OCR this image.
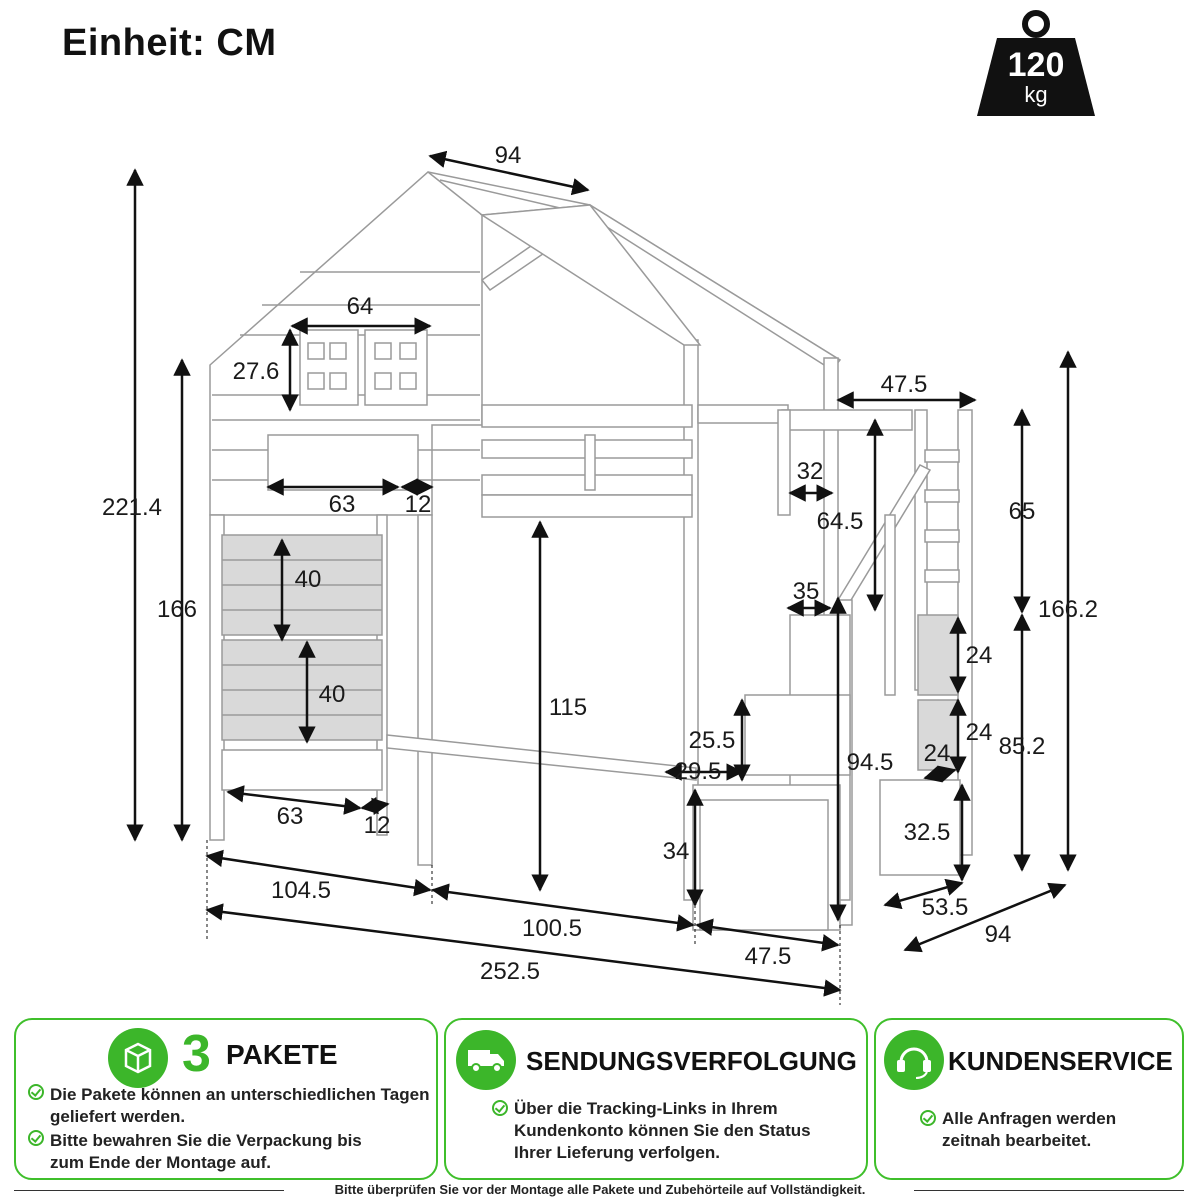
Einheit: CM
120
kg
94
64
27.6
221.4	63 12
166
40
40	115
63	12
47.5
32
64.5	65
166.2
35
24
24
24
25.5
29.5	94.5
85.2
34
32.5
53.5
94
104.5
100.5
47.5
252.5
3 PAKETE
Die Pakete können an unterschiedlichen Tagen geliefert werden.
Bitte bewahren Sie die Verpackung bis zum Ende der Montage auf.
SENDUNGSVERFOLGUNG
Über die Tracking-Links in Ihrem Kundenkonto können Sie den Status Ihrer Lieferung verfolgen.
KUNDENSERVICE
Alle Anfragen werden zeitnah bearbeitet.
Bitte überprüfen Sie vor der Montage alle Pakete und Zubehörteile auf Vollständigkeit.
